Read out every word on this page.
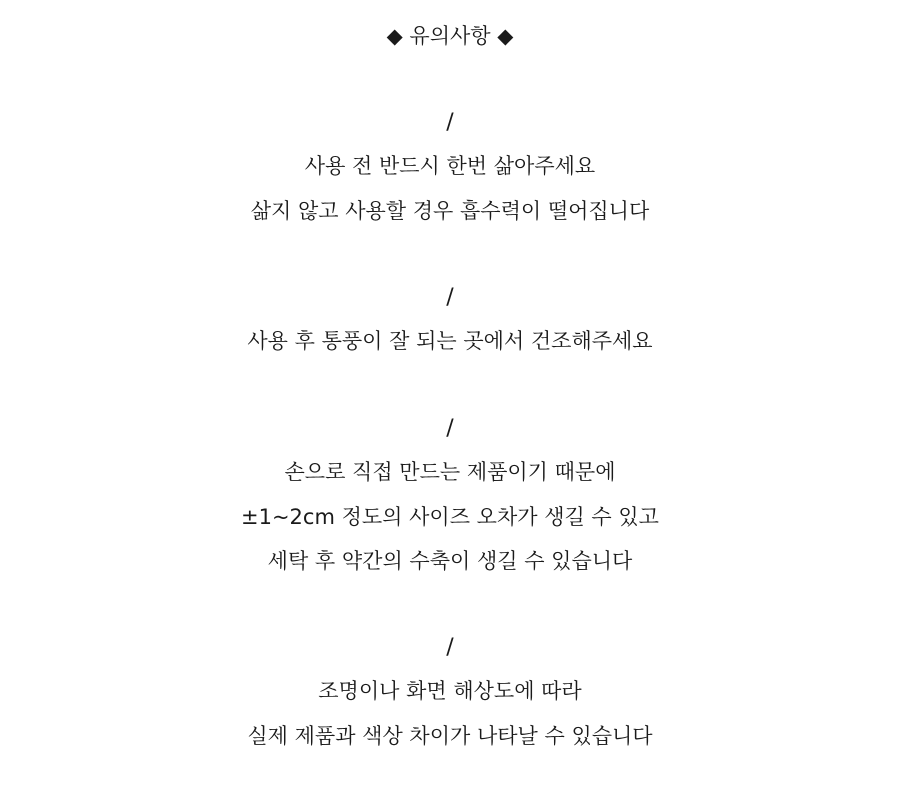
◆ 유의사항 ◆
/
사용 전 반드시 한번 삶아주세요
삶지 않고 사용할 경우 흡수력이 떨어집니다
/
사용 후 통풍이 잘 되는 곳에서 건조해주세요
/
손으로 직접 만드는 제품이기 때문에
±1~2cm 정도의 사이즈 오차가 생길 수 있고
세탁 후 약간의 수축이 생길 수 있습니다
/
조명이나 화면 해상도에 따라
실제 제품과 색상 차이가 나타날 수 있습니다
